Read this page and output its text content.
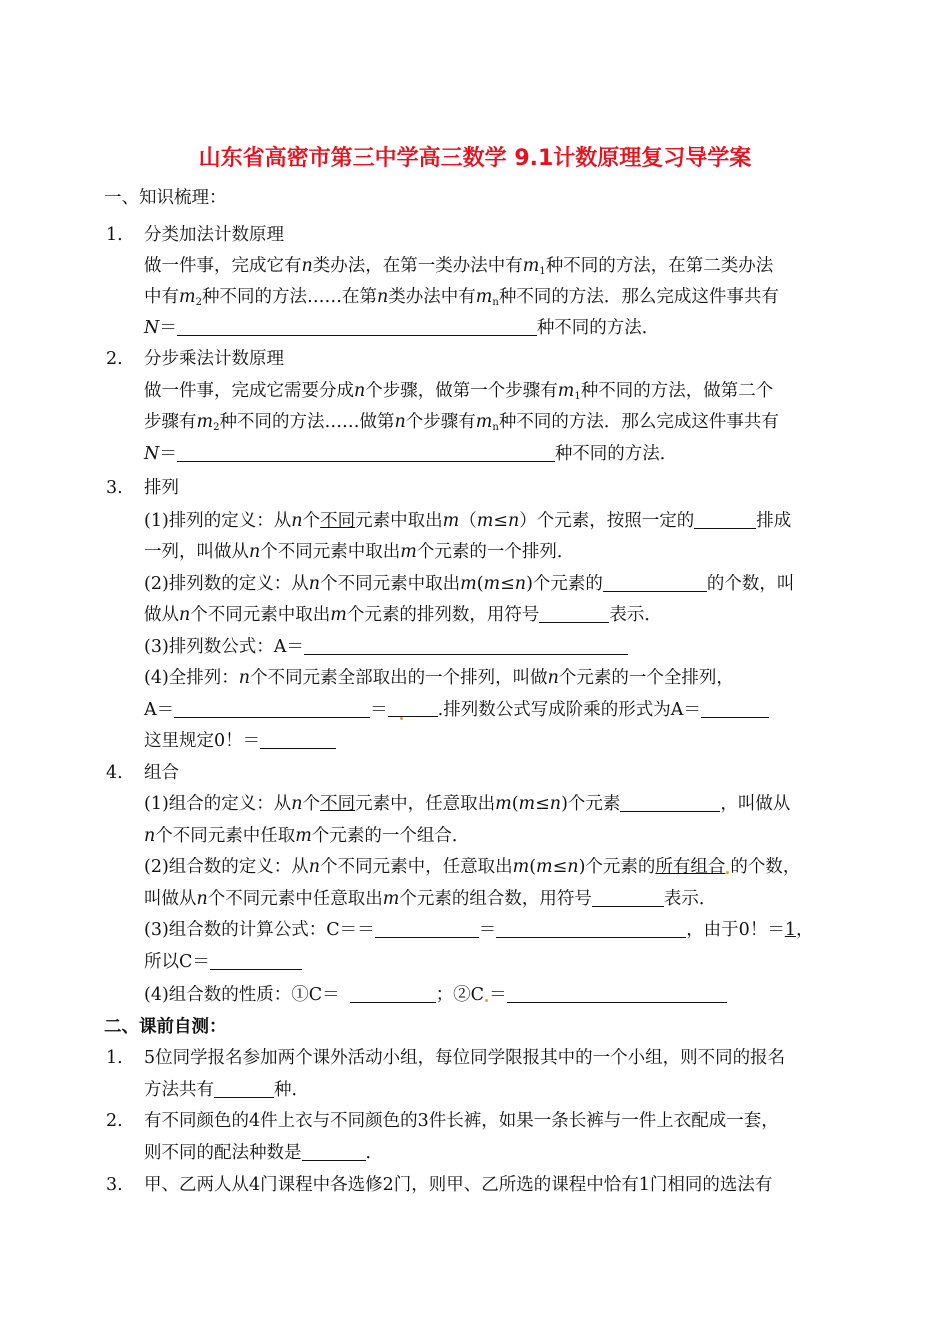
山东省高密市第三中学高三数学 9.1计数原理复习导学案
一、知识梳理：
1. 分类加法计数原理
做一件事，完成它有n类办法，在第一类办法中有$m_1$种不同的方法，在第二类办法
中有$m_2$种不同的方法……在第n类办法中有$m_n$种不同的方法．那么完成这件事共有
N＝	种不同的方法．
2. 分步乘法计数原理
做一件事，完成它需要分成n个步骤，做第一个步骤有$m_1$种不同的方法，做第二个
步骤有$m_2$种不同的方法……做第n个步骤有$m_n$种不同的方法．那么完成这件事共有
N＝	种不同的方法．
3. 排列
(1)排列的定义：从n个不同元素中取出m（m≤n）个元素，按照一定的	排成
一列，叫做从n个不同元素中取出m个元素的一个排列．
(2)排列数的定义：从n个不同元素中取出m(m≤n)个元素的	的个数，叫
做从n个不同元素中取出m个元素的排列数，用符号	表示．
(3)排列数公式：A＝
(4)全排列：n个不同元素全部取出的一个排列，叫做n个元素的一个全排列，
A＝	＝	.排列数公式写成阶乘的形式为A＝
这里规定0！＝
4. 组合
(1)组合的定义：从n个不同元素中，任意取出m(m≤n)个元素	，叫做从
n个不同元素中任取m个元素的一个组合．
(2)组合数的定义：从n个不同元素中，任意取出m(m≤n)个元素的所有组合 的个数，
叫做从n个不同元素中任意取出m个元素的组合数，用符号	表示．
(3)组合数的计算公式：C＝＝	＝	，由于0！＝1，
所以C＝
(4)组合数的性质：①C＝	；②C ＝
二、课前自测：
1. 5位同学报名参加两个课外活动小组，每位同学限报其中的一个小组，则不同的报名
方法共有	种．
2. 有不同颜色的4件上衣与不同颜色的3件长裤，如果一条长裤与一件上衣配成一套，
则不同的配法种数是	．
3. 甲、乙两人从4门课程中各选修2门，则甲、乙所选的课程中恰有1门相同的选法有
